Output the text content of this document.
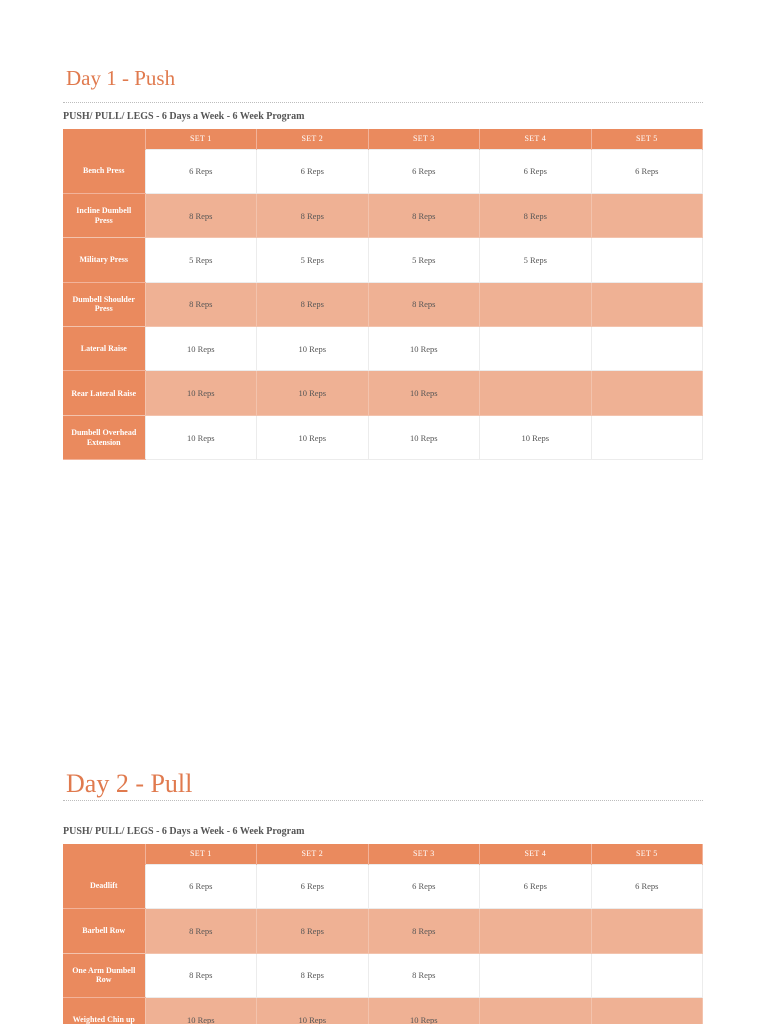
Day 1 - Push
PUSH/ PULL/ LEGS - 6 Days a Week - 6 Week Program
	SET 1	SET 2	SET 3	SET 4	SET 5
Bench Press	6 Reps	6 Reps	6 Reps	6 Reps	6 Reps
Incline Dumbell Press	8 Reps	8 Reps	8 Reps	8 Reps	
Military Press	5 Reps	5 Reps	5 Reps	5 Reps	
Dumbell Shoulder Press	8 Reps	8 Reps	8 Reps		
Lateral Raise	10 Reps	10 Reps	10 Reps		
Rear Lateral Raise	10 Reps	10 Reps	10 Reps		
Dumbell Overhead Extension	10 Reps	10 Reps	10 Reps	10 Reps	
Day 2 - Pull
PUSH/ PULL/ LEGS - 6 Days a Week - 6 Week Program
	SET 1	SET 2	SET 3	SET 4	SET 5
Deadlift	6 Reps	6 Reps	6 Reps	6 Reps	6 Reps
Barbell Row	8 Reps	8 Reps	8 Reps		
One Arm Dumbell Row	8 Reps	8 Reps	8 Reps		
Weighted Chin up	10 Reps	10 Reps	10 Reps		
